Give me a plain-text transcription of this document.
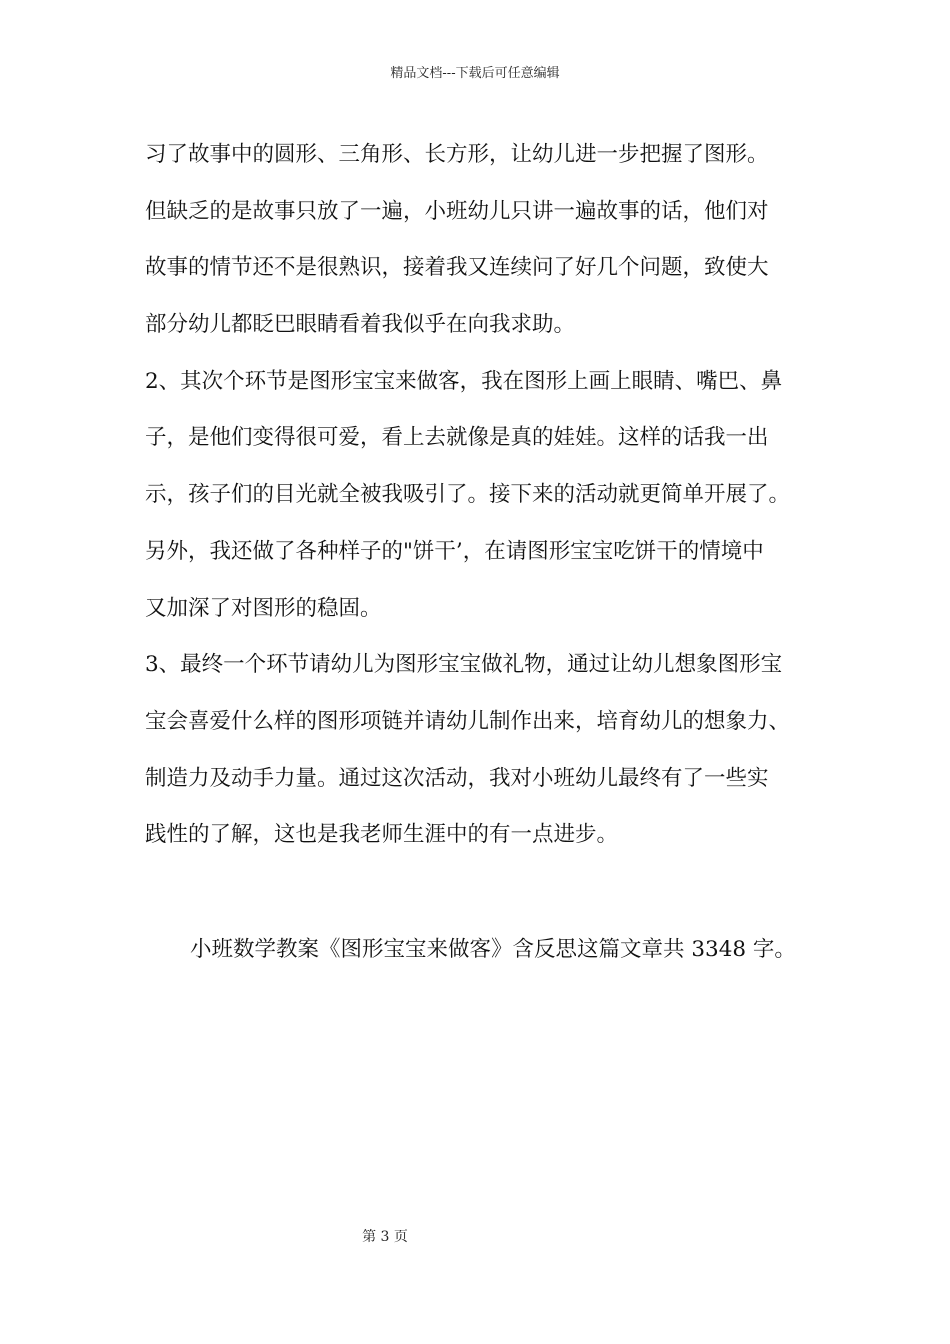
精品文档---下载后可任意编辑
习了故事中的圆形、三角形、长方形，让幼儿进一步把握了图形。
但缺乏的是故事只放了一遍，小班幼儿只讲一遍故事的话，他们对
故事的情节还不是很熟识，接着我又连续问了好几个问题，致使大
部分幼儿都眨巴眼睛看着我似乎在向我求助。
2、其次个环节是图形宝宝来做客，我在图形上画上眼睛、嘴巴、鼻
子，是他们变得很可爱，看上去就像是真的娃娃。这样的话我一出
示，孩子们的目光就全被我吸引了。接下来的活动就更简单开展了。
另外，我还做了各种样子的"饼干’，在请图形宝宝吃饼干的情境中
又加深了对图形的稳固。
3、最终一个环节请幼儿为图形宝宝做礼物，通过让幼儿想象图形宝
宝会喜爱什么样的图形项链并请幼儿制作出来，培育幼儿的想象力、
制造力及动手力量。通过这次活动，我对小班幼儿最终有了一些实
践性的了解，这也是我老师生涯中的有一点进步。
小班数学教案《图形宝宝来做客》含反思这篇文章共 3348 字。
第 3 页
